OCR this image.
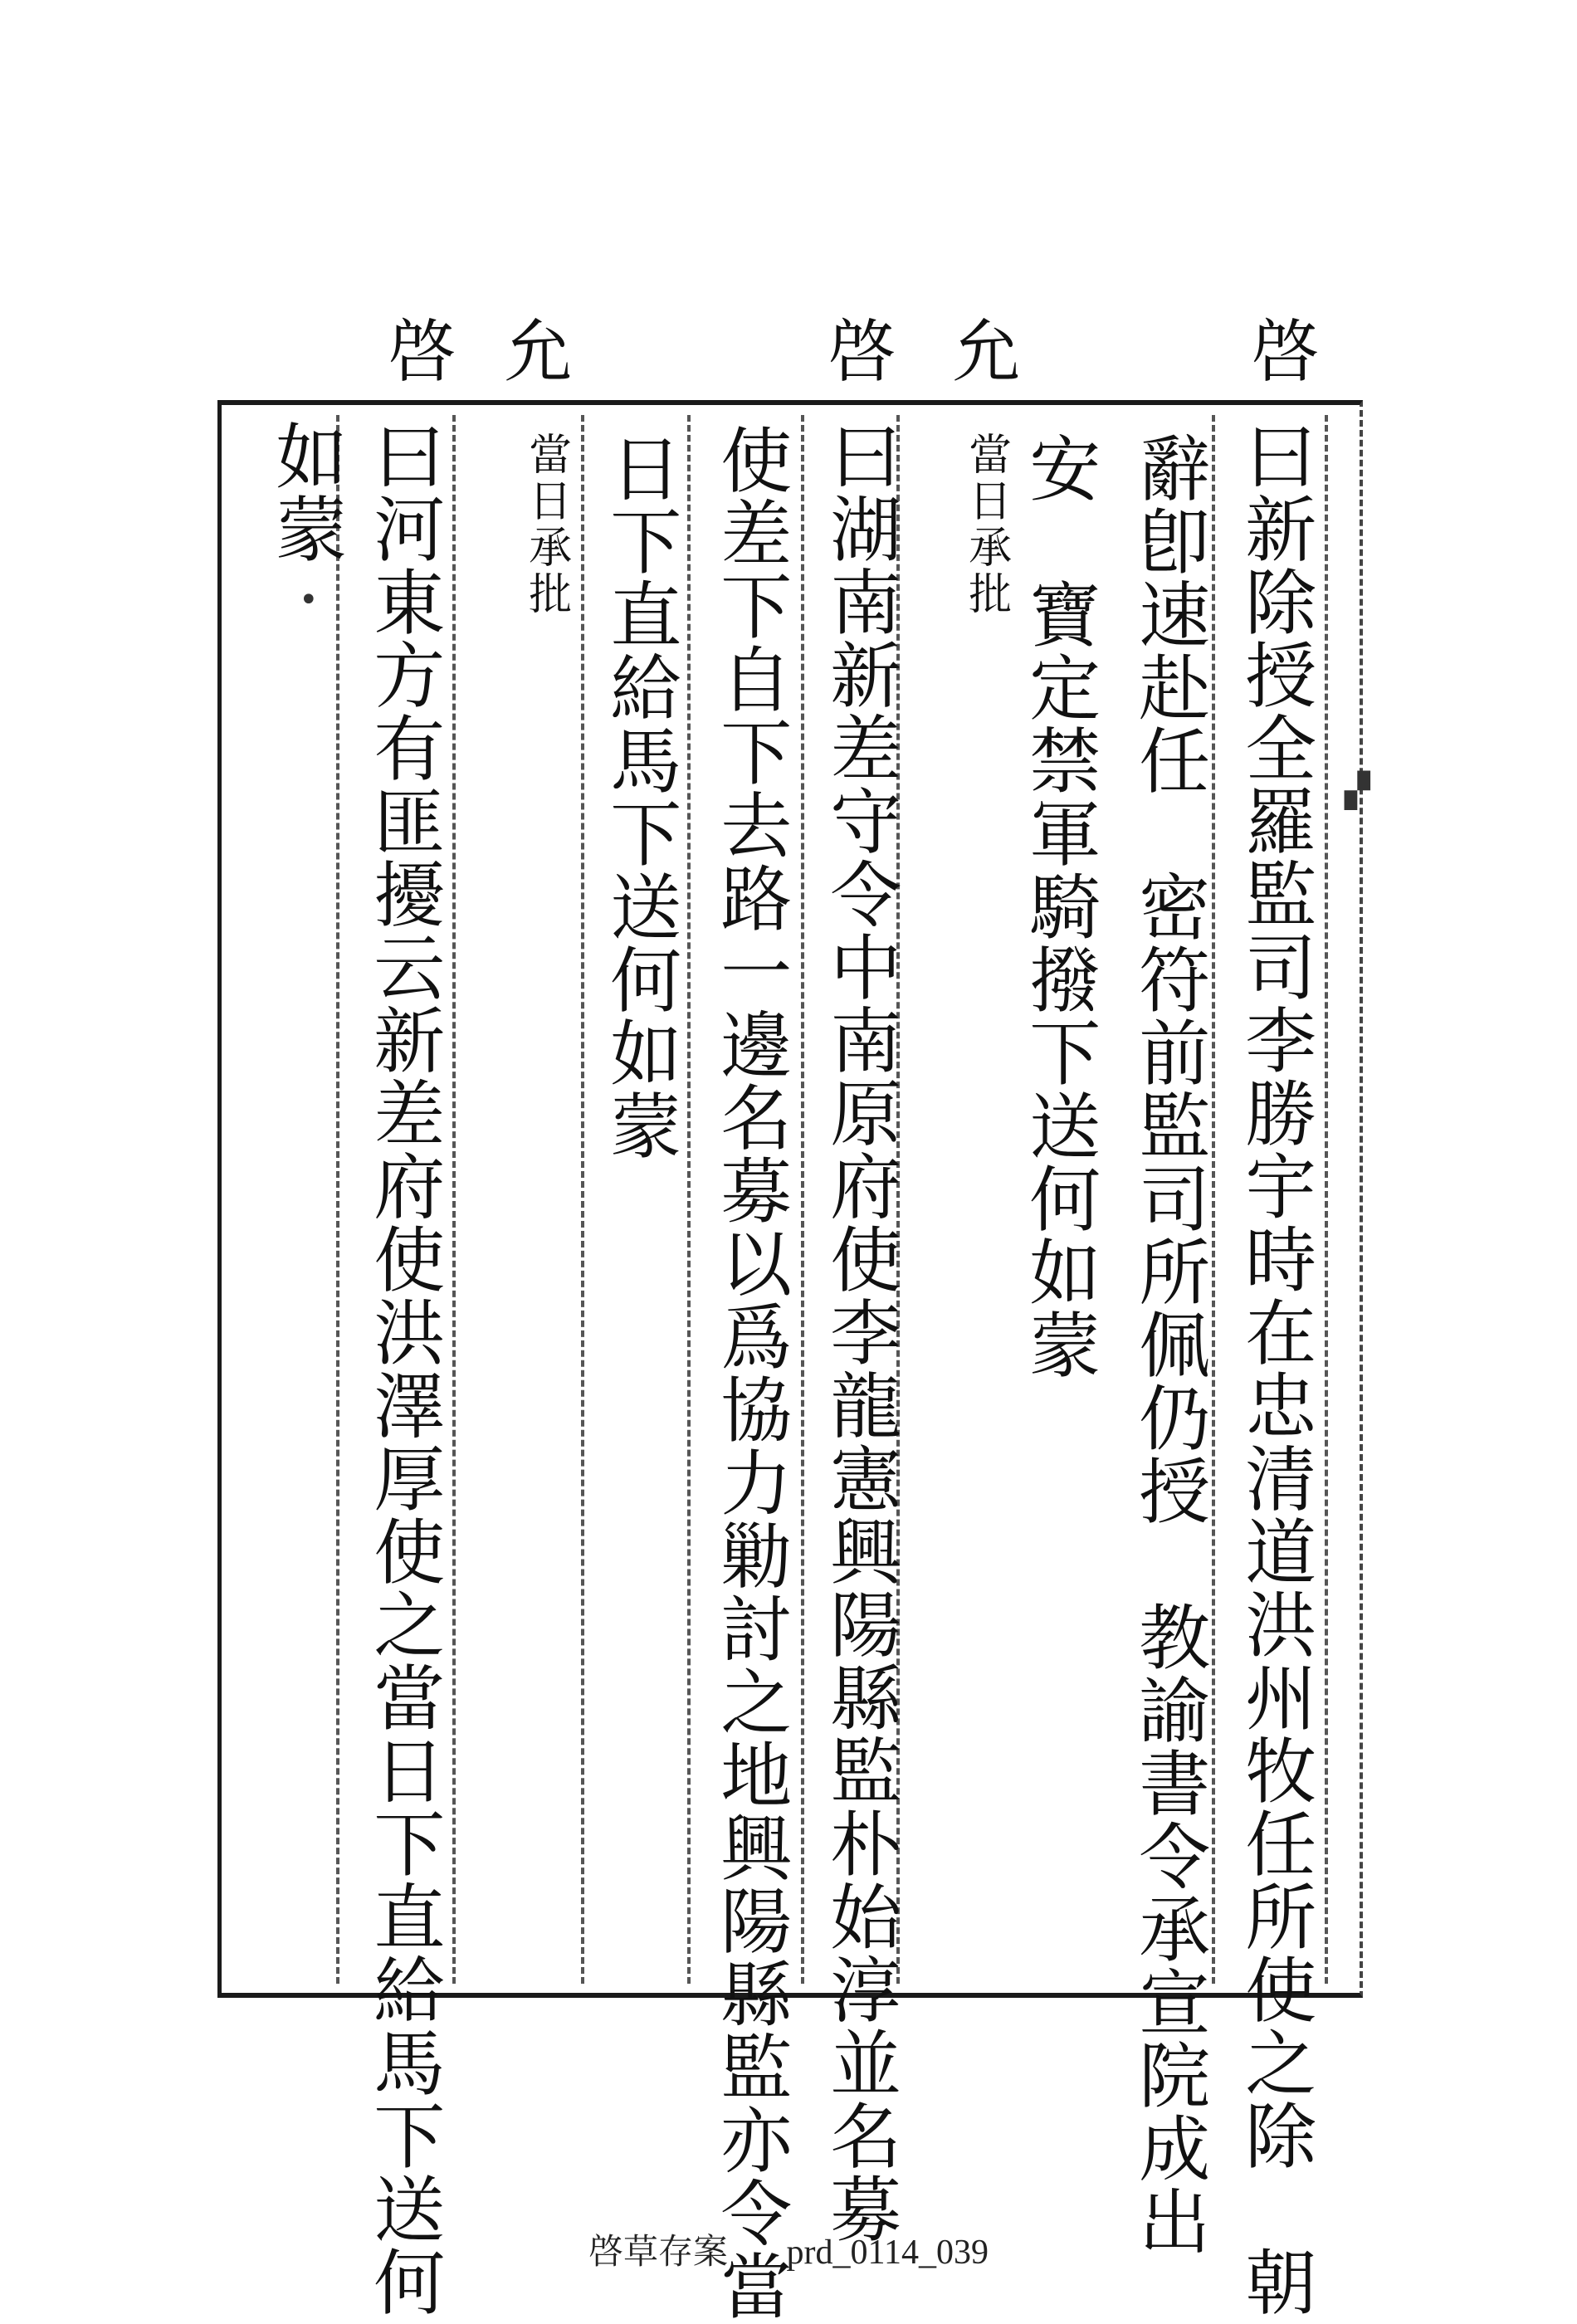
啓
允
啓
允
啓
曰新除授全羅監司李勝宇時在忠清道洪州牧任所使之除　朝
辭卽速赴任　密符前監司所佩仍授　教諭書令承宣院成出
安　寶定禁軍騎撥下送何如蒙
當日承批
曰湖南新差守令中南原府使李龍憲興陽縣監朴始淳並名募
使差下自下去路一邊名募以爲協力勦討之地興陽縣監亦令當
日下直給馬下送何如蒙
當日承批
曰河東方有匪擾云新差府使洪澤厚使之當日下直給馬下送何
如蒙
•
▞
啓草存案 prd_0114_039
